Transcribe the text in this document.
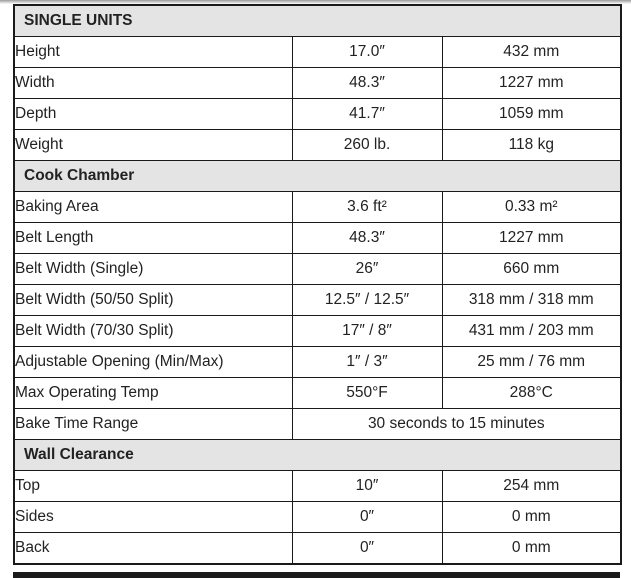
SINGLE UNITS		
Height	17.0″	432 mm
Width	48.3″	1227 mm
Depth	41.7″	1059 mm
Weight	260 lb.	118 kg
Cook Chamber		
Baking Area	3.6 ft²	0.33 m²
Belt Length	48.3″	1227 mm
Belt Width (Single)	26″	660 mm
Belt Width (50/50 Split)	12.5″ / 12.5″	318 mm / 318 mm
Belt Width (70/30 Split)	17″ / 8″	431 mm / 203 mm
Adjustable Opening (Min/Max)	1″ / 3″	25 mm / 76 mm
Max Operating Temp	550°F	288°C
Bake Time Range	30 seconds to 15 minutes	
Wall Clearance		
Top	10″	254 mm
Sides	0″	0 mm
Back	0″	0 mm
